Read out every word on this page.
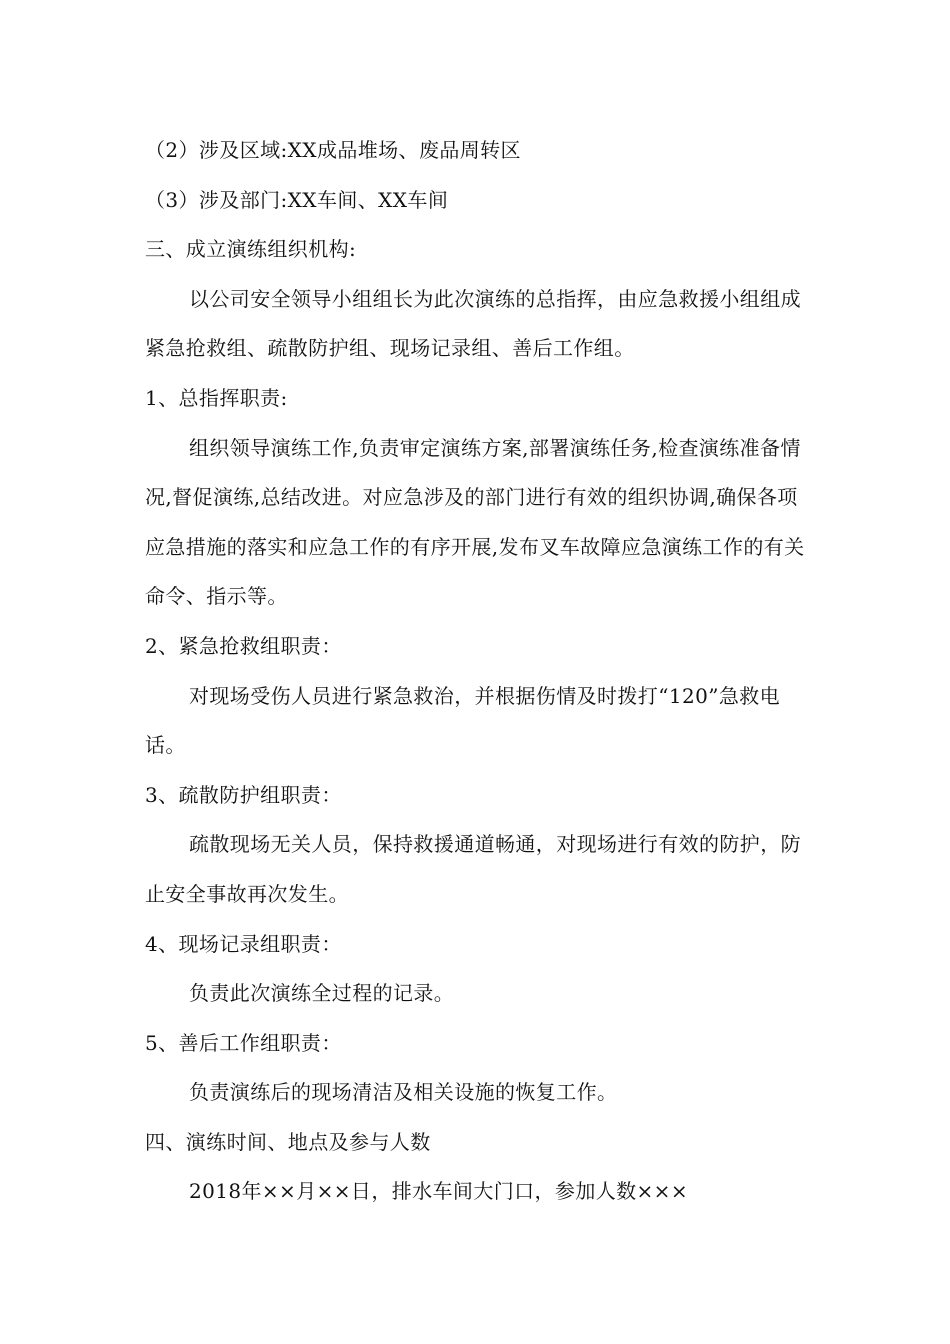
（2）涉及区域:XX成品堆场、废品周转区

（3）涉及部门:XX车间、XX车间

三、成立演练组织机构:

以公司安全领导小组组长为此次演练的总指挥，由应急救援小组组成紧急抢救组、疏散防护组、现场记录组、善后工作组。

1、总指挥职责:

组织领导演练工作,负责审定演练方案,部署演练任务,检查演练准备情况,督促演练,总结改进。对应急涉及的部门进行有效的组织协调,确保各项应急措施的落实和应急工作的有序开展,发布叉车故障应急演练工作的有关命令、指示等。

2、紧急抢救组职责：

对现场受伤人员进行紧急救治，并根据伤情及时拨打“120”急救电话。

3、疏散防护组职责：

疏散现场无关人员，保持救援通道畅通，对现场进行有效的防护，防止安全事故再次发生。

4、现场记录组职责：

负责此次演练全过程的记录。

5、善后工作组职责：

负责演练后的现场清洁及相关设施的恢复工作。

四、演练时间、地点及参与人数

2018年××月××日，排水车间大门口，参加人数×××
